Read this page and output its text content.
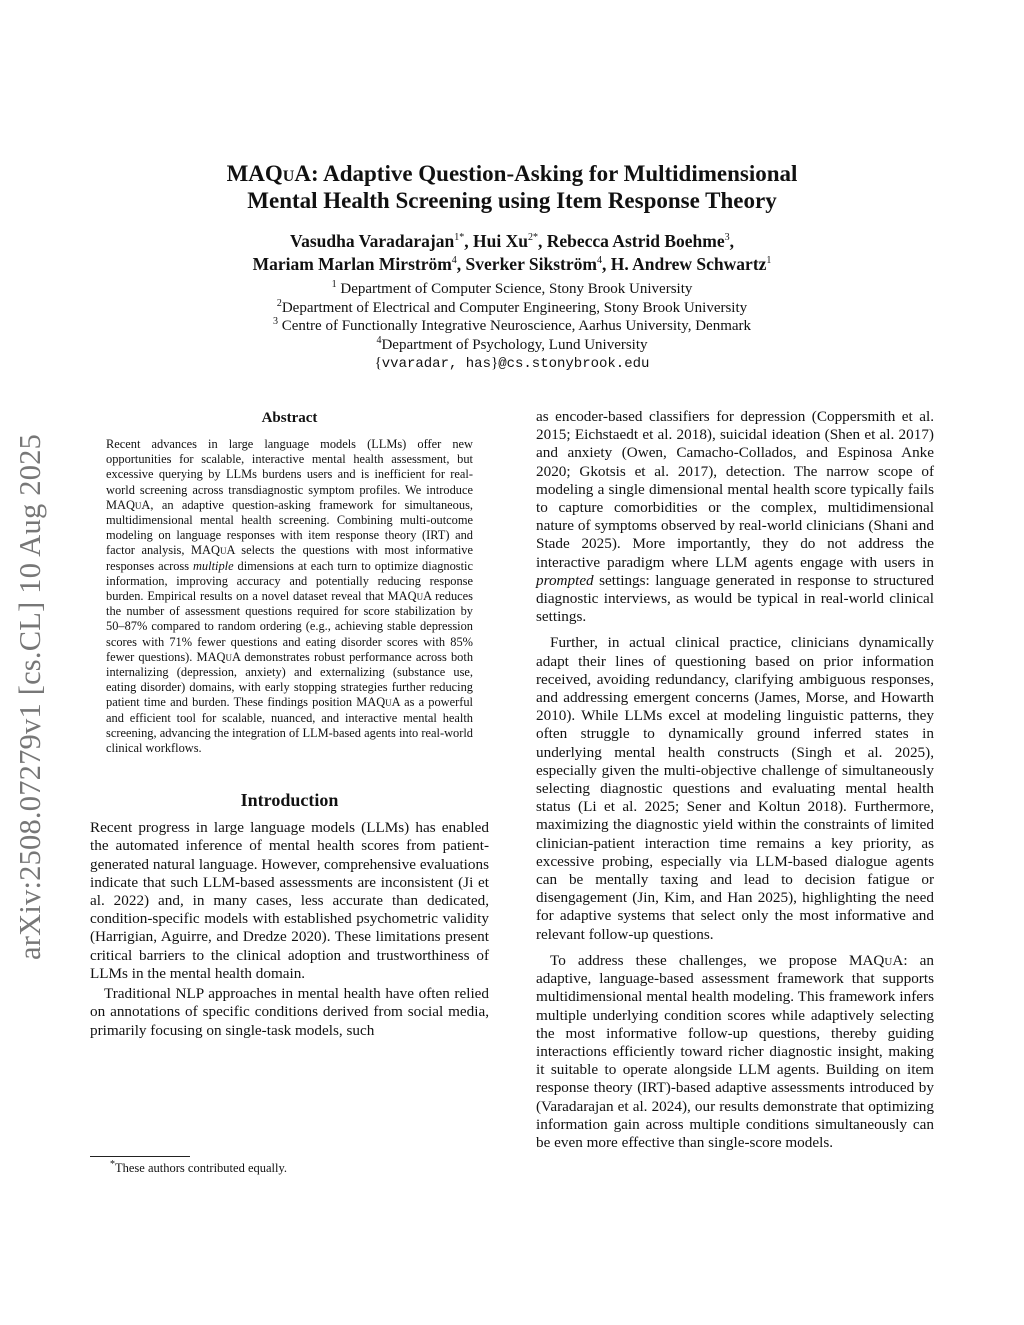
arXiv:2508.07279v1 [cs.CL] 10 Aug 2025
MAQuA: Adaptive Question-Asking for Multidimensional
Mental Health Screening using Item Response Theory
Vasudha Varadarajan$^{1*}$, Hui $Xu^{2*}$, Rebecca Astrid Boehme$^3$,
Mariam Marlan Mirström$^4$, Sverker Sikström$^4$, H. Andrew Schwartz$^1$
$^1$ Department of Computer Science, Stony Brook University
$^2$Department of Electrical and Computer Engineering, Stony Brook University
$^3$ Centre of Functionally Integrative Neuroscience, Aarhus University, Denmark
$^4$Department of Psychology, Lund University
{vvaradar, has}@cs.stonybrook.edu
Abstract

Recent advances in large language models (LLMs) offer new opportunities for scalable, interactive mental health assessment, but excessive querying by LLMs burdens users and is inefficient for real-world screening across transdiagnostic symptom profiles. We introduce MAQuA, an adaptive question-asking framework for simultaneous, multidimensional mental health screening. Combining multi-outcome modeling on language responses with item response theory (IRT) and factor analysis, MAQuA selects the questions with most informative responses across multiple dimensions at each turn to optimize diagnostic information, improving accuracy and potentially reducing response burden. Empirical results on a novel dataset reveal that MAQuA reduces the number of assessment questions required for score stabilization by 50–87% compared to random ordering (e.g., achieving stable depression scores with 71% fewer questions and eating disorder scores with 85% fewer questions). MAQuA demonstrates robust performance across both internalizing (depression, anxiety) and externalizing (substance use, eating disorder) domains, with early stopping strategies further reducing patient time and burden. These findings position MAQuA as a powerful and efficient tool for scalable, nuanced, and interactive mental health screening, advancing the integration of LLM-based agents into real-world clinical workflows.

Introduction

Recent progress in large language models (LLMs) has enabled the automated inference of mental health scores from patient-generated natural language. However, comprehensive evaluations indicate that such LLM-based assessments are inconsistent (Ji et al. 2022) and, in many cases, less accurate than dedicated, condition-specific models with established psychometric validity (Harrigian, Aguirre, and Dredze 2020). These limitations present critical barriers to the clinical adoption and trustworthiness of LLMs in the mental health domain.

Traditional NLP approaches in mental health have often relied on annotations of specific conditions derived from social media, primarily focusing on single-task models, such

as encoder-based classifiers for depression (Coppersmith et al. 2015; Eichstaedt et al. 2018), suicidal ideation (Shen et al. 2017) and anxiety (Owen, Camacho-Collados, and Espinosa Anke 2020; Gkotsis et al. 2017), detection. The narrow scope of modeling a single dimensional mental health score typically fails to capture comorbidities or the complex, multidimensional nature of symptoms observed by real-world clinicians (Shani and Stade 2025). More importantly, they do not address the interactive paradigm where LLM agents engage with users in prompted settings: language generated in response to structured diagnostic interviews, as would be typical in real-world clinical settings.

Further, in actual clinical practice, clinicians dynamically adapt their lines of questioning based on prior information received, avoiding redundancy, clarifying ambiguous responses, and addressing emergent concerns (James, Morse, and Howarth 2010). While LLMs excel at modeling linguistic patterns, they often struggle to dynamically ground inferred states in underlying mental health constructs (Singh et al. 2025), especially given the multi-objective challenge of simultaneously selecting diagnostic questions and evaluating mental health status (Li et al. 2025; Sener and Koltun 2018). Furthermore, maximizing the diagnostic yield within the constraints of limited clinician-patient interaction time remains a key priority, as excessive probing, especially via LLM-based dialogue agents can be mentally taxing and lead to decision fatigue or disengagement (Jin, Kim, and Han 2025), highlighting the need for adaptive systems that select only the most informative and relevant follow-up questions.

To address these challenges, we propose MAQuA: an adaptive, language-based assessment framework that supports multidimensional mental health modeling. This framework infers multiple underlying condition scores while adaptively selecting the most informative follow-up questions, thereby guiding interactions efficiently toward richer diagnostic insight, making it suitable to operate alongside LLM agents. Building on item response theory (IRT)-based adaptive assessments introduced by (Varadarajan et al. 2024), our results demonstrate that optimizing information gain across multiple conditions simultaneously can be even more effective than single-score models.

*These authors contributed equally.
